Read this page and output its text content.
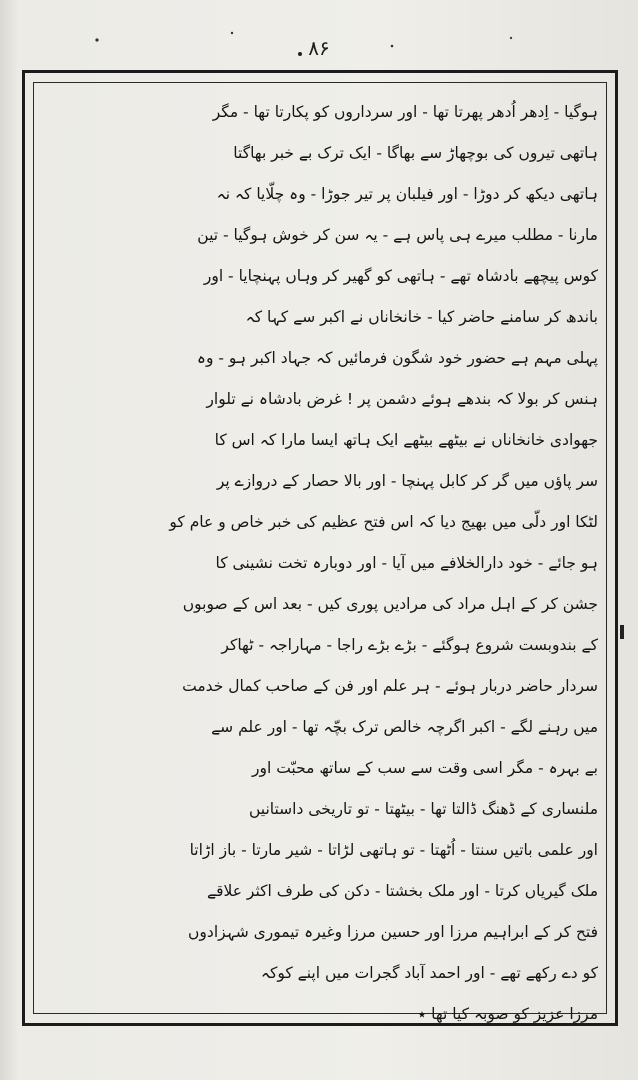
۸۶
ہوگیا - اِدھر اُدھر پھرتا تھا - اور سرداروں کو پکارتا تھا - مگر
ہاتھی تیروں کی بوچھاڑ سے بھاگا - ایک ترک بے خبر بھاگتا
ہاتھی دیکھ کر دوڑا - اور فیلبان پر تیر جوڑا - وہ چلّایا کہ نہ
مارنا - مطلب میرے ہی پاس ہے - یہ سن کر خوش ہوگیا - تین
کوس پیچھے بادشاہ تھے - ہاتھی کو گھیر کر وہاں پہنچایا - اور
باندھ کر سامنے حاضر کیا - خانخاناں نے اکبر سے کہا کہ
پہلی مہم ہے حضور خود شگون فرمائیں کہ جہاد اکبر ہو - وہ
ہنس کر بولا کہ بندھے ہوئے دشمن پر ! غرض بادشاہ نے تلوار
جھوادی خانخاناں نے بیٹھے بیٹھے ایک ہاتھ ایسا مارا کہ اس کا
سر پاؤں میں گر کر کابل پہنچا - اور بالا حصار کے دروازے پر
لٹکا اور دلّی میں بھیج دیا کہ اس فتح عظیم کی خبر خاص و عام کو
ہو جائے - خود دارالخلافے میں آیا - اور دوبارہ تخت نشینی کا
جشن کر کے اہل مراد کی مرادیں پوری کیں - بعد اس کے صوبوں
کے بندوبست شروع ہوگئے - بڑے بڑے راجا - مہاراجہ - ٹھاکر
سردار حاضر دربار ہوئے - ہر علم اور فن کے صاحب کمال خدمت
میں رہنے لگے - اکبر اگرچہ خالص ترک بچّہ تھا - اور علم سے
بے بہرہ - مگر اسی وقت سے سب کے ساتھ محبّت اور
ملنساری کے ڈھنگ ڈالتا تھا - بیٹھتا - تو تاریخی داستانیں
اور علمی باتیں سنتا - اُٹھتا - تو ہاتھی لڑاتا - شیر مارتا - باز اڑاتا
ملک گیریاں کرتا - اور ملک بخشتا - دکن کی طرف اکثر علاقے
فتح کر کے ابراہیم مرزا اور حسین مرزا وغیرہ تیموری شہزادوں
کو دے رکھے تھے - اور احمد آباد گجرات میں اپنے کوکہ
مرزا عزیز کو صوبہ کیا تھا ٭
